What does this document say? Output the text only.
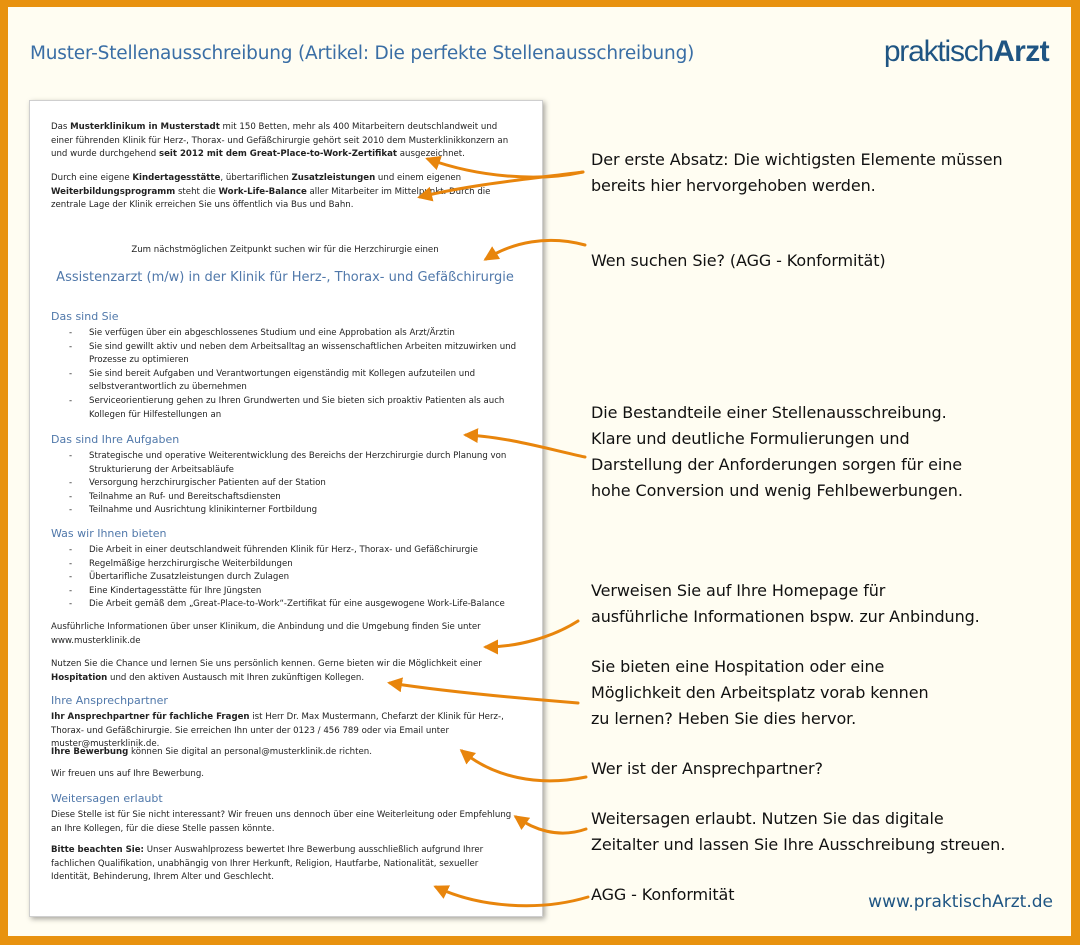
Muster-Stellenausschreibung (Artikel: Die perfekte Stellenausschreibung)	praktischArzt
Das Musterklinikum in Musterstadt mit 150 Betten, mehr als 400 Mitarbeitern deutschlandweit und einer führenden Klinik für Herz-, Thorax- und Gefäßchirurgie gehört seit 2010 dem Musterklinikkonzern an und wurde durchgehend seit 2012 mit dem Great-Place-to-Work-Zertifikat ausgezeichnet.
Durch eine eigene Kindertagesstätte, übertariflichen Zusatzleistungen und einem eigenen Weiterbildungsprogramm steht die Work-Life-Balance aller Mitarbeiter im Mittelpunkt. Durch die zentrale Lage der Klinik erreichen Sie uns öffentlich via Bus und Bahn.
Zum nächstmöglichen Zeitpunkt suchen wir für die Herzchirurgie einen
Assistenzarzt (m/w) in der Klinik für Herz-, Thorax- und Gefäßchirurgie
Das sind Sie
- Sie verfügen über ein abgeschlossenes Studium und eine Approbation als Arzt/Ärztin
- Sie sind gewillt aktiv und neben dem Arbeitsalltag an wissenschaftlichen Arbeiten mitzuwirken und Prozesse zu optimieren
- Sie sind bereit Aufgaben und Verantwortungen eigenständig mit Kollegen aufzuteilen und selbstverantwortlich zu übernehmen
- Serviceorientierung gehen zu Ihren Grundwerten und Sie bieten sich proaktiv Patienten als auch Kollegen für Hilfestellungen an
Das sind Ihre Aufgaben
- Strategische und operative Weiterentwicklung des Bereichs der Herzchirurgie durch Planung von Strukturierung der Arbeitsabläufe
- Versorgung herzchirurgischer Patienten auf der Station
- Teilnahme an Ruf- und Bereitschaftsdiensten
- Teilnahme und Ausrichtung klinikinterner Fortbildung
Was wir Ihnen bieten
- Die Arbeit in einer deutschlandweit führenden Klinik für Herz-, Thorax- und Gefäßchirurgie
- Regelmäßige herzchirurgische Weiterbildungen
- Übertarifliche Zusatzleistungen durch Zulagen
- Eine Kindertagesstätte für Ihre Jüngsten
- Die Arbeit gemäß dem „Great-Place-to-Work“-Zertifikat für eine ausgewogene Work-Life-Balance
Ausführliche Informationen über unser Klinikum, die Anbindung und die Umgebung finden Sie unter www.musterklinik.de
Nutzen Sie die Chance und lernen Sie uns persönlich kennen. Gerne bieten wir die Möglichkeit einer Hospitation und den aktiven Austausch mit Ihren zukünftigen Kollegen.
Ihre Ansprechpartner
Ihr Ansprechpartner für fachliche Fragen ist Herr Dr. Max Mustermann, Chefarzt der Klinik für Herz-, Thorax- und Gefäßchirurgie. Sie erreichen Ihn unter der 0123 / 456 789 oder via Email unter muster@musterklinik.de.
Ihre Bewerbung können Sie digital an personal@musterklinik.de richten.
Wir freuen uns auf Ihre Bewerbung.
Weitersagen erlaubt
Diese Stelle ist für Sie nicht interessant? Wir freuen uns dennoch über eine Weiterleitung oder Empfehlung an Ihre Kollegen, für die diese Stelle passen könnte.
Bitte beachten Sie: Unser Auswahlprozess bewertet Ihre Bewerbung ausschließlich aufgrund Ihrer fachlichen Qualifikation, unabhängig von Ihrer Herkunft, Religion, Hautfarbe, Nationalität, sexueller Identität, Behinderung, Ihrem Alter und Geschlecht.
Der erste Absatz: Die wichtigsten Elemente müssen
bereits hier hervorgehoben werden.
Wen suchen Sie? (AGG - Konformität)
Die Bestandteile einer Stellenausschreibung.
Klare und deutliche Formulierungen und
Darstellung der Anforderungen sorgen für eine
hohe Conversion und wenig Fehlbewerbungen.
Verweisen Sie auf Ihre Homepage für
ausführliche Informationen bspw. zur Anbindung.
Sie bieten eine Hospitation oder eine
Möglichkeit den Arbeitsplatz vorab kennen
zu lernen? Heben Sie dies hervor.
Wer ist der Ansprechpartner?
Weitersagen erlaubt. Nutzen Sie das digitale
Zeitalter und lassen Sie Ihre Ausschreibung streuen.
AGG - Konformität	www.praktischArzt.de
